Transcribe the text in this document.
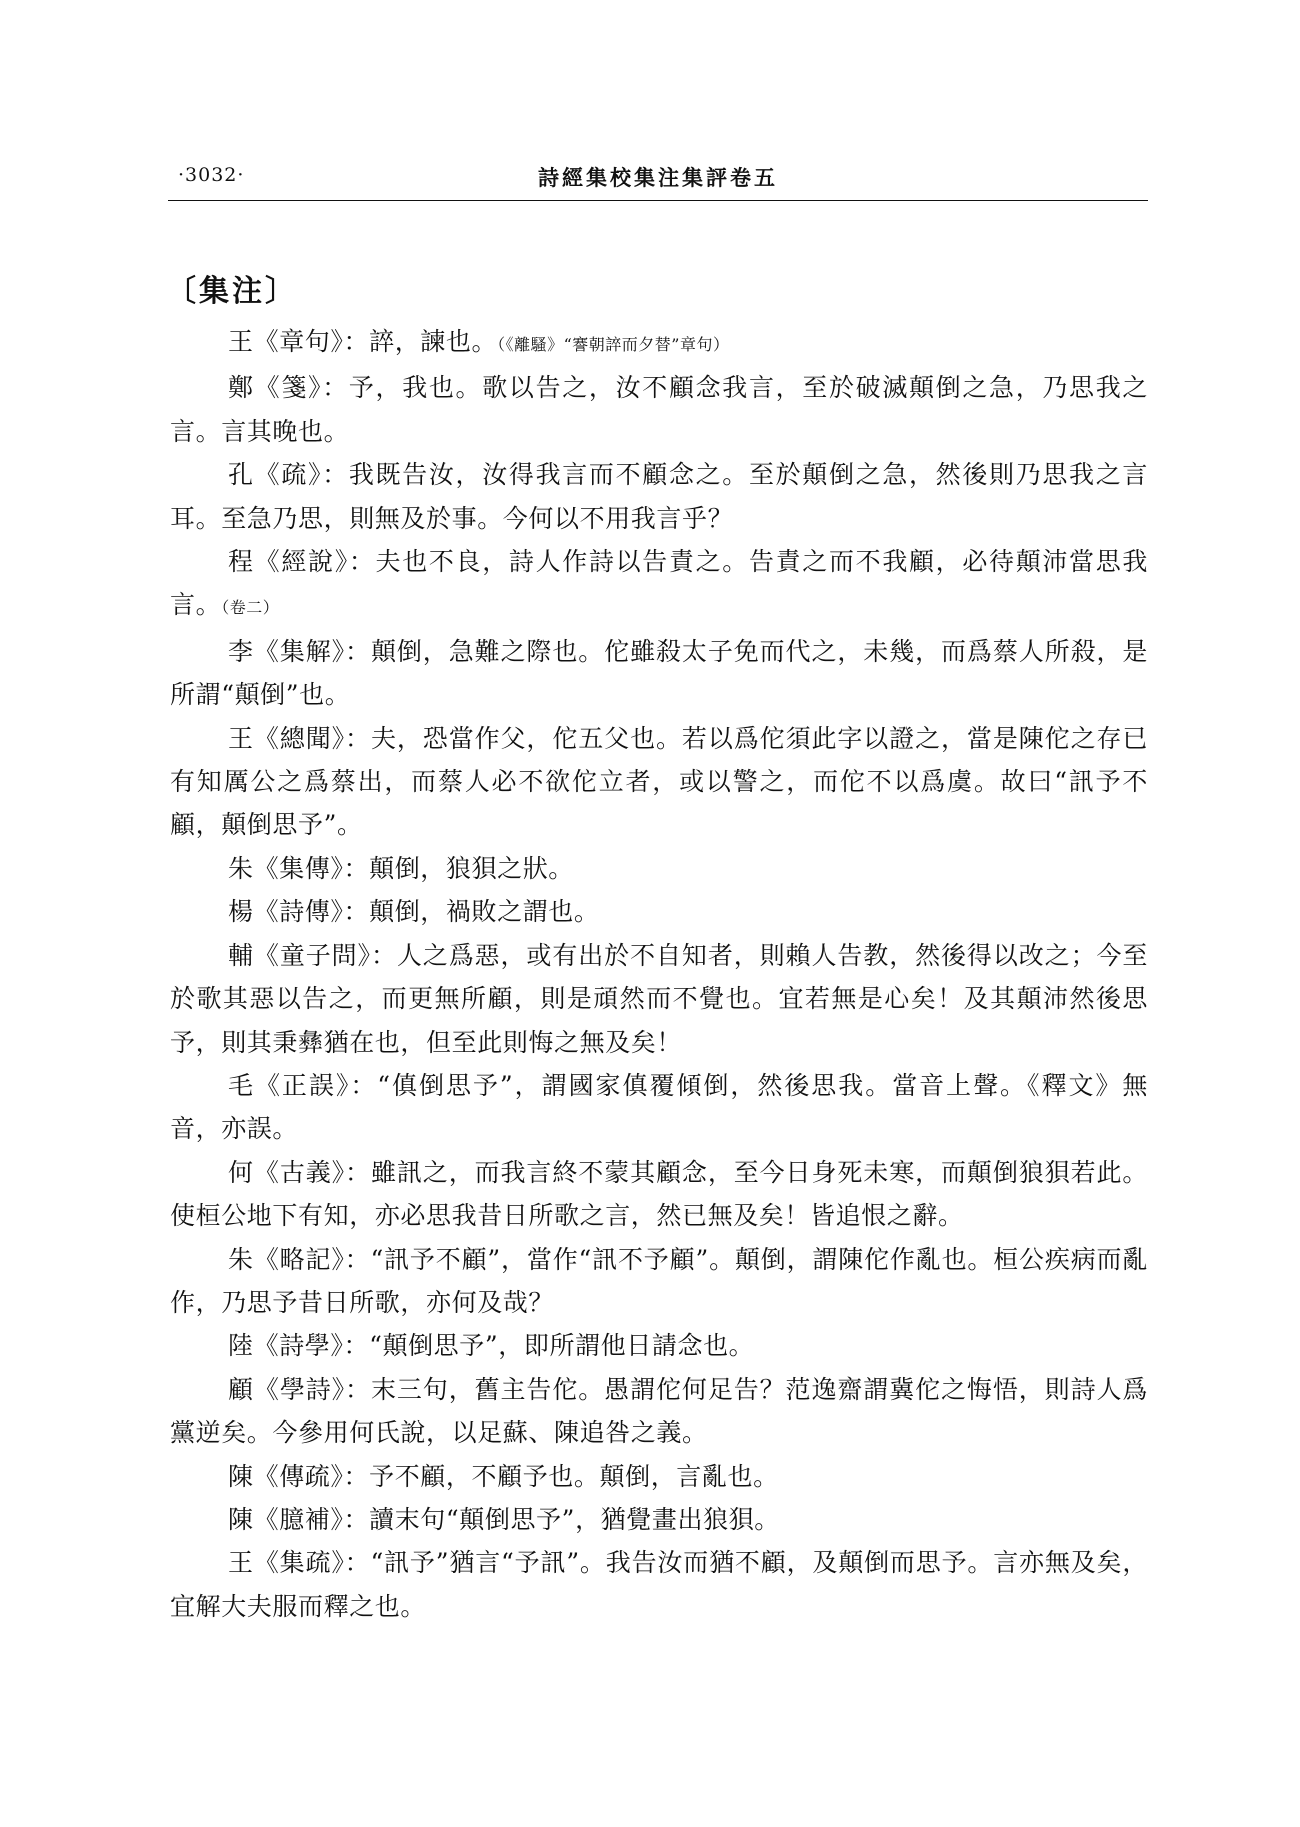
·3032·	詩經集校集注集評卷五
〔集注〕

王《章句》：誶，諫也。（《離騷》“謇朝誶而夕替”章句）

鄭《箋》：予，我也。歌以告之，汝不顧念我言，至於破滅顛倒之急，乃思我之言。言其晚也。

孔《疏》：我既告汝，汝得我言而不顧念之。至於顛倒之急，然後則乃思我之言耳。至急乃思，則無及於事。今何以不用我言乎？

程《經說》：夫也不良，詩人作詩以告責之。告責之而不我顧，必待顛沛當思我言。（卷二）

李《集解》：顛倒，急難之際也。佗雖殺太子免而代之，未幾，而爲蔡人所殺，是所謂“顛倒”也。

王《總聞》：夫，恐當作父，佗五父也。若以爲佗須此字以證之，當是陳佗之存已有知厲公之爲蔡出，而蔡人必不欲佗立者，或以警之，而佗不以爲虞。故曰“訊予不顧，顛倒思予”。

朱《集傳》：顛倒，狼狽之狀。

楊《詩傳》：顛倒，禍敗之謂也。

輔《童子問》：人之爲惡，或有出於不自知者，則賴人告教，然後得以改之；今至於歌其惡以告之，而更無所顧，則是頑然而不覺也。宜若無是心矣！及其顛沛然後思予，則其秉彝猶在也，但至此則悔之無及矣！

毛《正誤》：“傎倒思予”，謂國家傎覆傾倒，然後思我。當音上聲。《釋文》無音，亦誤。

何《古義》：雖訊之，而我言終不蒙其顧念，至今日身死未寒，而顛倒狼狽若此。使桓公地下有知，亦必思我昔日所歌之言，然已無及矣！皆追恨之辭。

朱《略記》：“訊予不顧”，當作“訊不予顧”。顛倒，謂陳佗作亂也。桓公疾病而亂作，乃思予昔日所歌，亦何及哉？

陸《詩學》：“顛倒思予”，即所謂他日請念也。

顧《學詩》：末三句，舊主告佗。愚謂佗何足告？范逸齋謂冀佗之悔悟，則詩人爲黨逆矣。今參用何氏說，以足蘇、陳追咎之義。

陳《傳疏》：予不顧，不顧予也。顛倒，言亂也。

陳《臆補》：讀末句“顛倒思予”，猶覺畫出狼狽。

王《集疏》：“訊予”猶言“予訊”。我告汝而猶不顧，及顛倒而思予。言亦無及矣，宜解大夫服而釋之也。
